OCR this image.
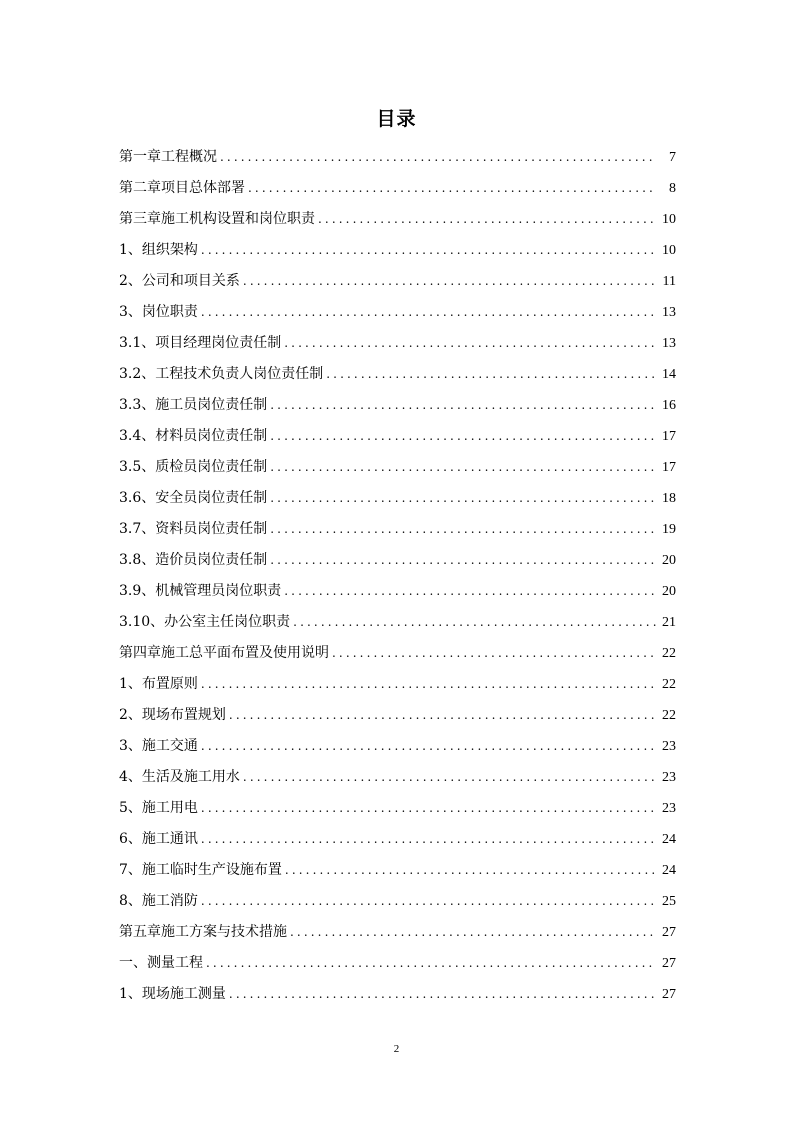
目录
第一章工程概况 .....	7
第二章项目总体部署 .....	8
第三章施工机构设置和岗位职责 .....	10
1、组织架构 .....	10
2、公司和项目关系 .....	11
3、岗位职责 .....	13
3.1、项目经理岗位责任制 .....	13
3.2、工程技术负责人岗位责任制 .....	14
3.3、施工员岗位责任制 .....	16
3.4、材料员岗位责任制 .....	17
3.5、质检员岗位责任制 .....	17
3.6、安全员岗位责任制 .....	18
3.7、资料员岗位责任制 .....	19
3.8、造价员岗位责任制 .....	20
3.9、机械管理员岗位职责 .....	20
3.10、办公室主任岗位职责 .....	21
第四章施工总平面布置及使用说明 .....	22
1、布置原则 .....	22
2、现场布置规划 .....	22
3、施工交通 .....	23
4、生活及施工用水 .....	23
5、施工用电 .....	23
6、施工通讯 .....	24
7、施工临时生产设施布置 .....	24
8、施工消防 .....	25
第五章施工方案与技术措施 .....	27
一、测量工程 .....	27
1、现场施工测量 .....	27
2
